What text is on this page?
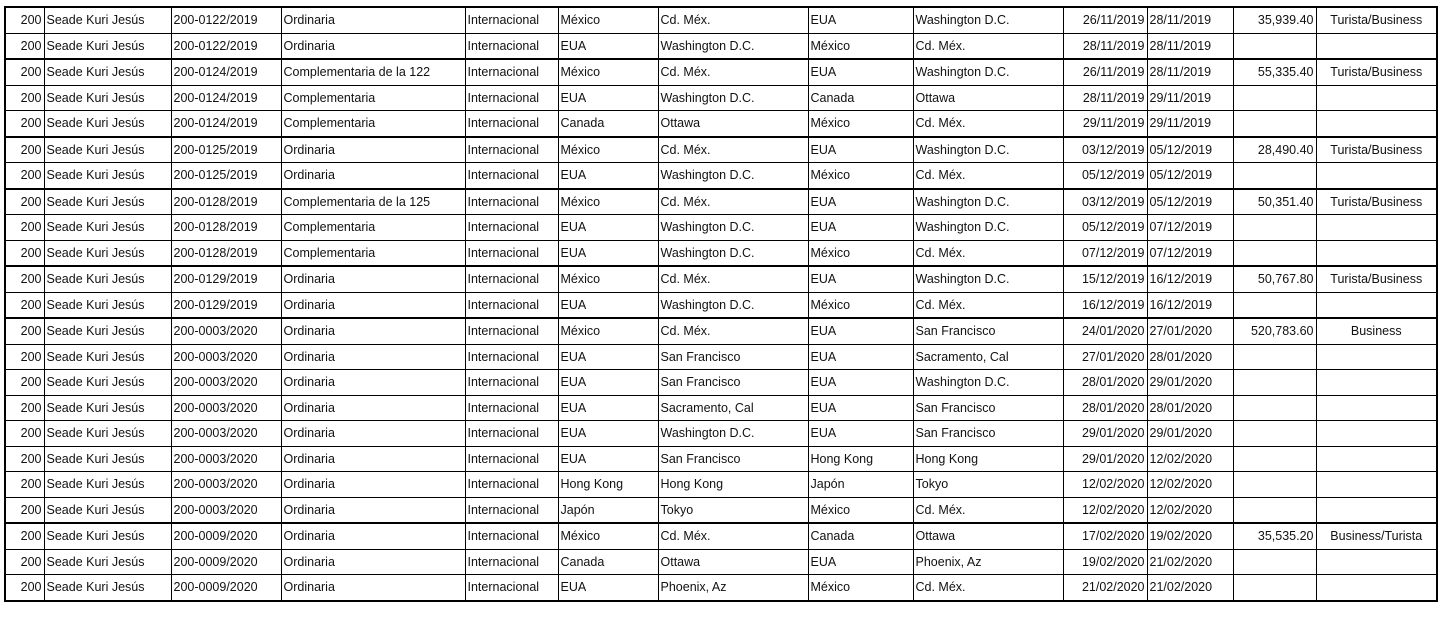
200	Seade Kuri Jesús	200-0122/2019	Ordinaria	Internacional	México	Cd. Méx.	EUA	Washington D.C.	26/11/2019	28/11/2019	35,939.40	Turista/Business
200	Seade Kuri Jesús	200-0122/2019	Ordinaria	Internacional	EUA	Washington D.C.	México	Cd. Méx.	28/11/2019	28/11/2019		
200	Seade Kuri Jesús	200-0124/2019	Complementaria de la 122	Internacional	México	Cd. Méx.	EUA	Washington D.C.	26/11/2019	28/11/2019	55,335.40	Turista/Business
200	Seade Kuri Jesús	200-0124/2019	Complementaria	Internacional	EUA	Washington D.C.	Canada	Ottawa	28/11/2019	29/11/2019		
200	Seade Kuri Jesús	200-0124/2019	Complementaria	Internacional	Canada	Ottawa	México	Cd. Méx.	29/11/2019	29/11/2019		
200	Seade Kuri Jesús	200-0125/2019	Ordinaria	Internacional	México	Cd. Méx.	EUA	Washington D.C.	03/12/2019	05/12/2019	28,490.40	Turista/Business
200	Seade Kuri Jesús	200-0125/2019	Ordinaria	Internacional	EUA	Washington D.C.	México	Cd. Méx.	05/12/2019	05/12/2019		
200	Seade Kuri Jesús	200-0128/2019	Complementaria de la 125	Internacional	México	Cd. Méx.	EUA	Washington D.C.	03/12/2019	05/12/2019	50,351.40	Turista/Business
200	Seade Kuri Jesús	200-0128/2019	Complementaria	Internacional	EUA	Washington D.C.	EUA	Washington D.C.	05/12/2019	07/12/2019		
200	Seade Kuri Jesús	200-0128/2019	Complementaria	Internacional	EUA	Washington D.C.	México	Cd. Méx.	07/12/2019	07/12/2019		
200	Seade Kuri Jesús	200-0129/2019	Ordinaria	Internacional	México	Cd. Méx.	EUA	Washington D.C.	15/12/2019	16/12/2019	50,767.80	Turista/Business
200	Seade Kuri Jesús	200-0129/2019	Ordinaria	Internacional	EUA	Washington D.C.	México	Cd. Méx.	16/12/2019	16/12/2019		
200	Seade Kuri Jesús	200-0003/2020	Ordinaria	Internacional	México	Cd. Méx.	EUA	San Francisco	24/01/2020	27/01/2020	520,783.60	Business
200	Seade Kuri Jesús	200-0003/2020	Ordinaria	Internacional	EUA	San Francisco	EUA	Sacramento, Cal	27/01/2020	28/01/2020		
200	Seade Kuri Jesús	200-0003/2020	Ordinaria	Internacional	EUA	San Francisco	EUA	Washington D.C.	28/01/2020	29/01/2020		
200	Seade Kuri Jesús	200-0003/2020	Ordinaria	Internacional	EUA	Sacramento, Cal	EUA	San Francisco	28/01/2020	28/01/2020		
200	Seade Kuri Jesús	200-0003/2020	Ordinaria	Internacional	EUA	Washington D.C.	EUA	San Francisco	29/01/2020	29/01/2020		
200	Seade Kuri Jesús	200-0003/2020	Ordinaria	Internacional	EUA	San Francisco	Hong Kong	Hong Kong	29/01/2020	12/02/2020		
200	Seade Kuri Jesús	200-0003/2020	Ordinaria	Internacional	Hong Kong	Hong Kong	Japón	Tokyo	12/02/2020	12/02/2020		
200	Seade Kuri Jesús	200-0003/2020	Ordinaria	Internacional	Japón	Tokyo	México	Cd. Méx.	12/02/2020	12/02/2020		
200	Seade Kuri Jesús	200-0009/2020	Ordinaria	Internacional	México	Cd. Méx.	Canada	Ottawa	17/02/2020	19/02/2020	35,535.20	Business/Turista
200	Seade Kuri Jesús	200-0009/2020	Ordinaria	Internacional	Canada	Ottawa	EUA	Phoenix, Az	19/02/2020	21/02/2020		
200	Seade Kuri Jesús	200-0009/2020	Ordinaria	Internacional	EUA	Phoenix, Az	México	Cd. Méx.	21/02/2020	21/02/2020		
